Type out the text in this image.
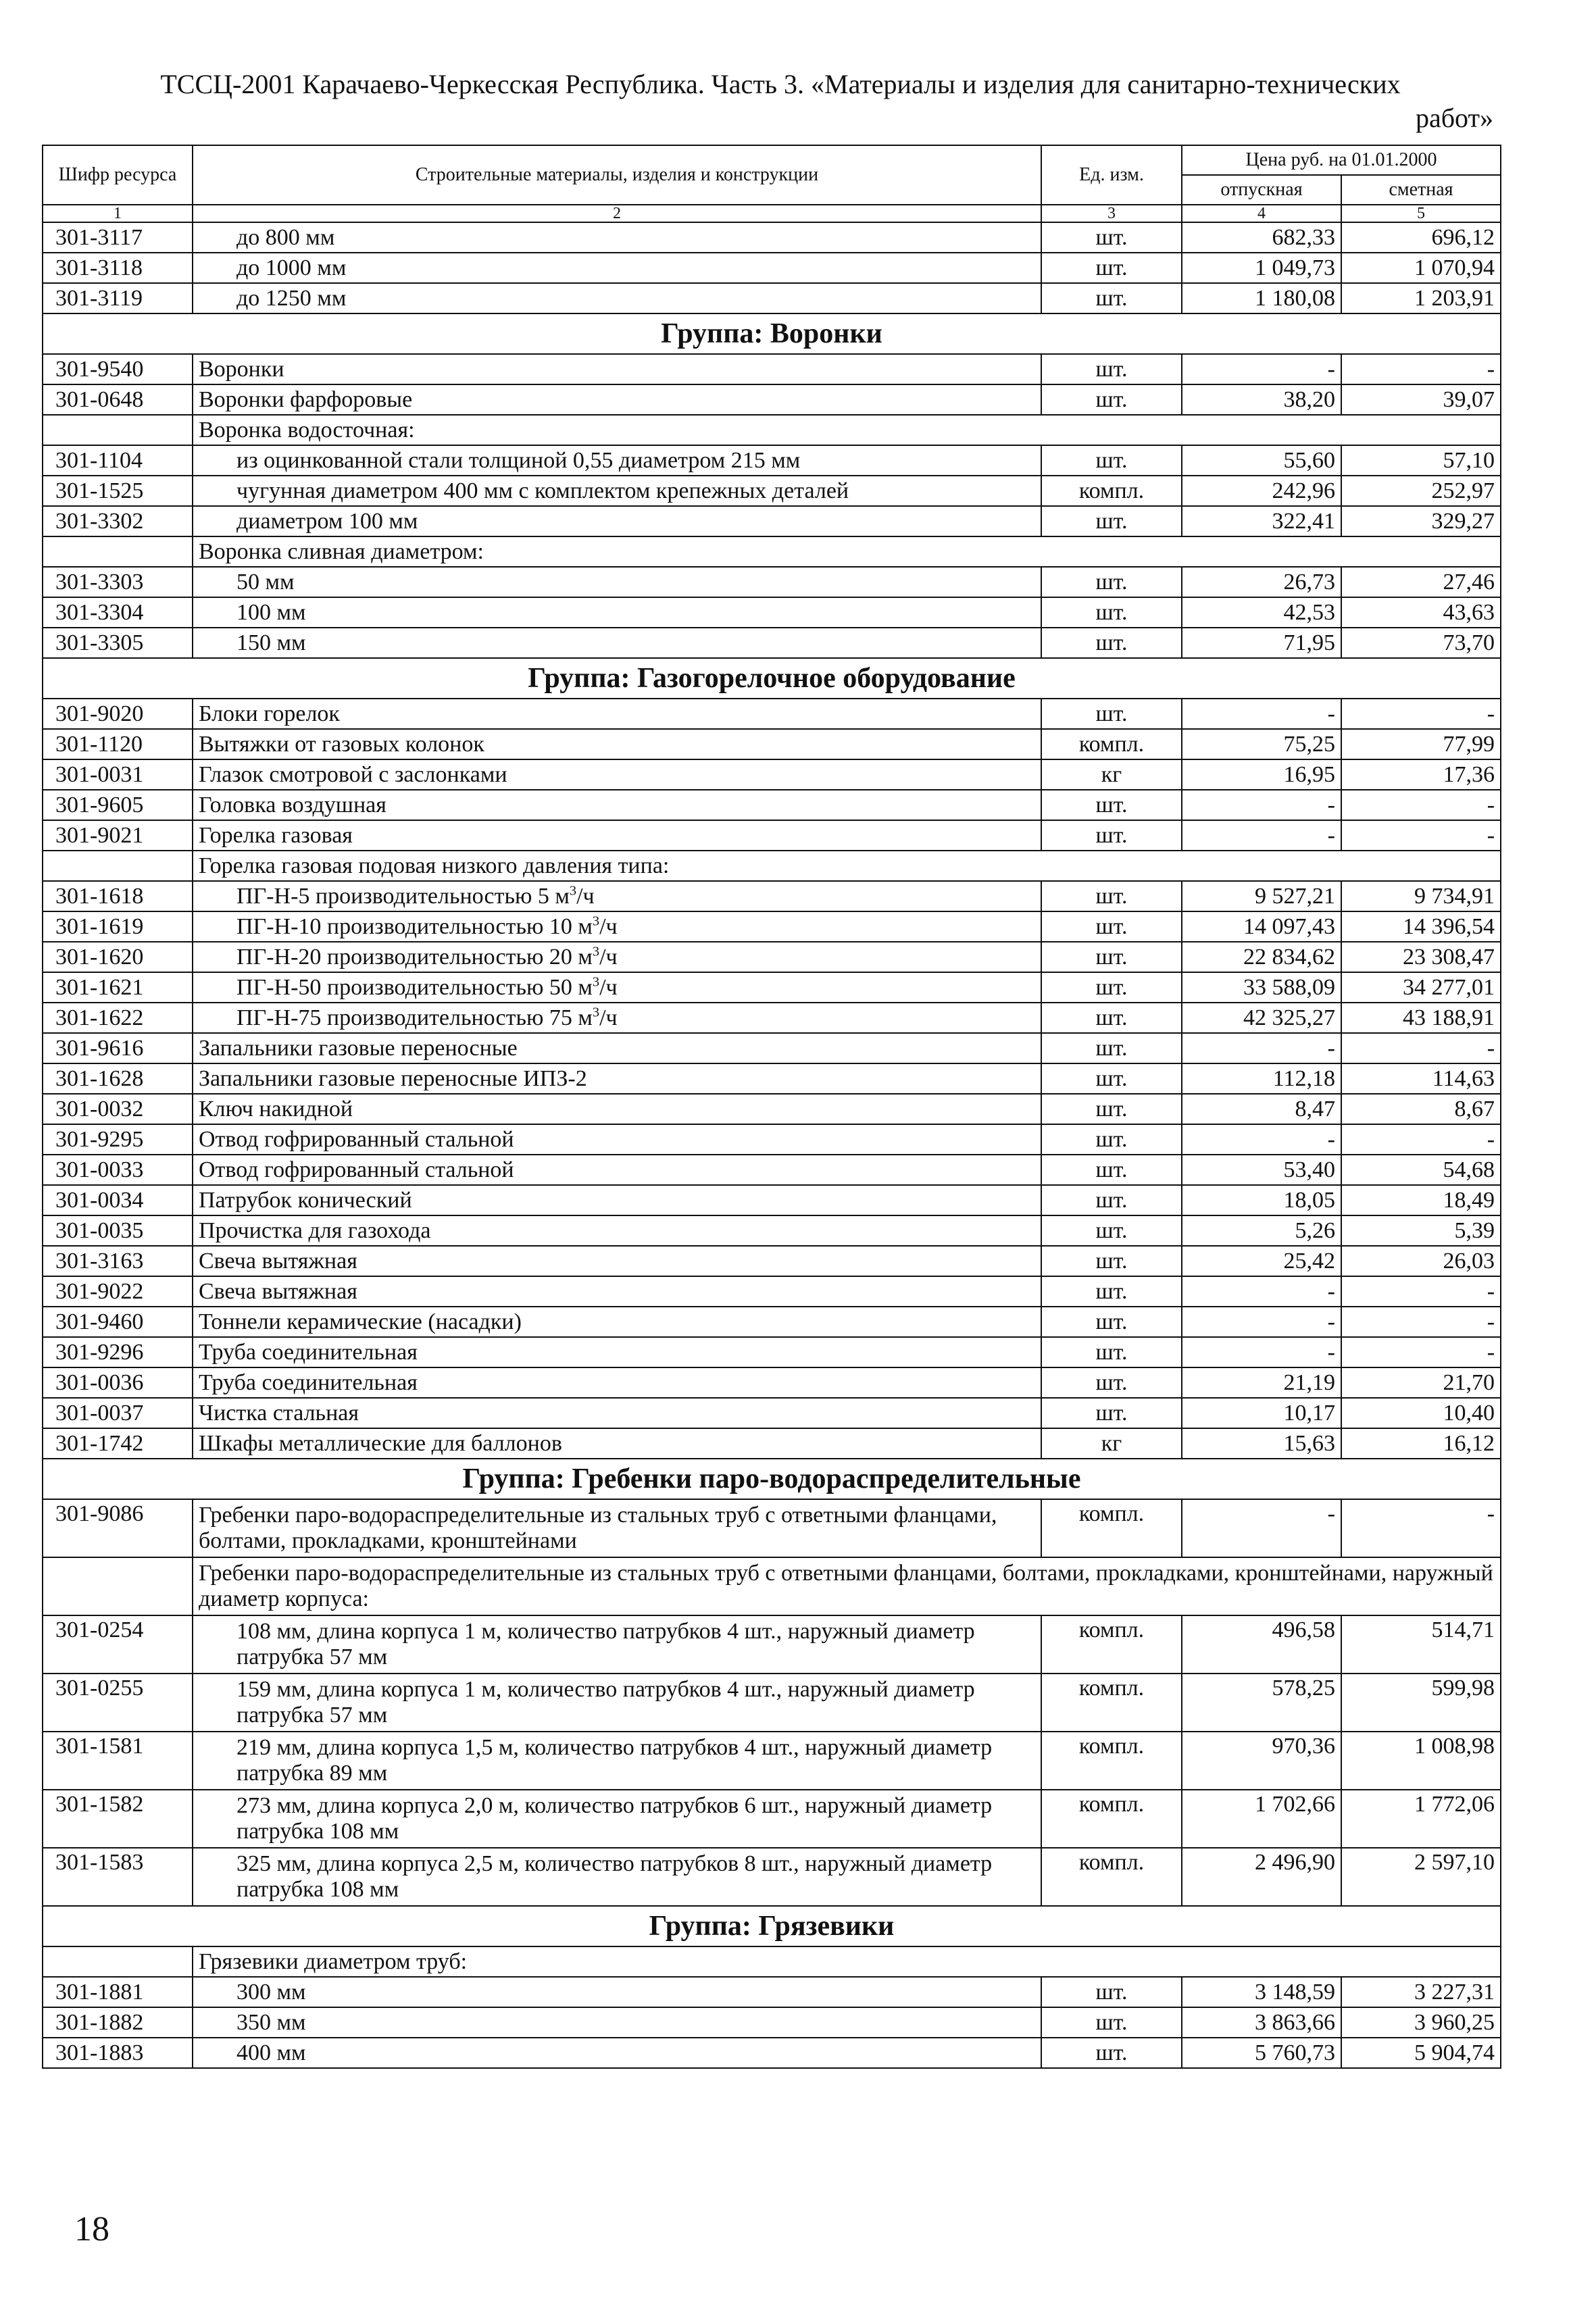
ТССЦ-2001 Карачаево-Черкесская Республика. Часть 3. «Материалы и изделия для санитарно-технических
работ»
Шифр ресурса	Строительные материалы, изделия и конструкции	Ед. изм.	Цена руб. на 01.01.2000	
			отпускная	сметная
1	2	3	4	5
301-3117	до 800 мм	шт.	682,33	696,12
301-3118	до 1000 мм	шт.	1 049,73	1 070,94
301-3119	до 1250 мм	шт.	1 180,08	1 203,91
Группа: Воронки				
301-9540	Воронки	шт.	-	-
301-0648	Воронки фарфоровые	шт.	38,20	39,07
	Воронка водосточная:			
301-1104	из оцинкованной стали толщиной 0,55 диаметром 215 мм	шт.	55,60	57,10
301-1525	чугунная диаметром 400 мм с комплектом крепежных деталей	компл.	242,96	252,97
301-3302	диаметром 100 мм	шт.	322,41	329,27
	Воронка сливная диаметром:			
301-3303	50 мм	шт.	26,73	27,46
301-3304	100 мм	шт.	42,53	43,63
301-3305	150 мм	шт.	71,95	73,70
Группа: Газогорелочное оборудование				
301-9020	Блоки горелок	шт.	-	-
301-1120	Вытяжки от газовых колонок	компл.	75,25	77,99
301-0031	Глазок смотровой с заслонками	кг	16,95	17,36
301-9605	Головка воздушная	шт.	-	-
301-9021	Горелка газовая	шт.	-	-
	Горелка газовая подовая низкого давления типа:			
301-1618	ПГ-Н-5 производительностью 5 $м^3/ч$	шт.	9 527,21	9 734,91
301-1619	ПГ-Н-10 производительностью 10 $м^3/ч$	шт.	14 097,43	14 396,54
301-1620	ПГ-Н-20 производительностью 20 $м^3/ч$	шт.	22 834,62	23 308,47
301-1621	ПГ-Н-50 производительностью 50 $м^3/ч$	шт.	33 588,09	34 277,01
301-1622	ПГ-Н-75 производительностью 75 $м^3/ч$	шт.	42 325,27	43 188,91
301-9616	Запальники газовые переносные	шт.	-	-
301-1628	Запальники газовые переносные ИПЗ-2	шт.	112,18	114,63
301-0032	Ключ накидной	шт.	8,47	8,67
301-9295	Отвод гофрированный стальной	шт.	-	-
301-0033	Отвод гофрированный стальной	шт.	53,40	54,68
301-0034	Патрубок конический	шт.	18,05	18,49
301-0035	Прочистка для газохода	шт.	5,26	5,39
301-3163	Свеча вытяжная	шт.	25,42	26,03
301-9022	Свеча вытяжная	шт.	-	-
301-9460	Тоннели керамические (насадки)	шт.	-	-
301-9296	Труба соединительная	шт.	-	-
301-0036	Труба соединительная	шт.	21,19	21,70
301-0037	Чистка стальная	шт.	10,17	10,40
301-1742	Шкафы металлические для баллонов	кг	15,63	16,12
Группа: Гребенки паро-водораспределительные				
301-9086	Гребенки паро-водораспределительные из стальных труб с ответными фланцами, болтами, прокладками, кронштейнами	компл.	-	-
	Гребенки паро-водораспределительные из стальных труб с ответными фланцами, болтами, прокладками, кронштейнами, наружный диаметр корпуса:			
301-0254	108 мм, длина корпуса 1 м, количество патрубков 4 шт., наружный диаметр патрубка 57 мм	компл.	496,58	514,71
301-0255	159 мм, длина корпуса 1 м, количество патрубков 4 шт., наружный диаметр патрубка 57 мм	компл.	578,25	599,98
301-1581	219 мм, длина корпуса 1,5 м, количество патрубков 4 шт., наружный диаметр патрубка 89 мм	компл.	970,36	1 008,98
301-1582	273 мм, длина корпуса 2,0 м, количество патрубков 6 шт., наружный диаметр патрубка 108 мм	компл.	1 702,66	1 772,06
301-1583	325 мм, длина корпуса 2,5 м, количество патрубков 8 шт., наружный диаметр патрубка 108 мм	компл.	2 496,90	2 597,10
Группа: Грязевики				
	Грязевики диаметром труб:			
301-1881	300 мм	шт.	3 148,59	3 227,31
301-1882	350 мм	шт.	3 863,66	3 960,25
301-1883	400 мм	шт.	5 760,73	5 904,74
18
